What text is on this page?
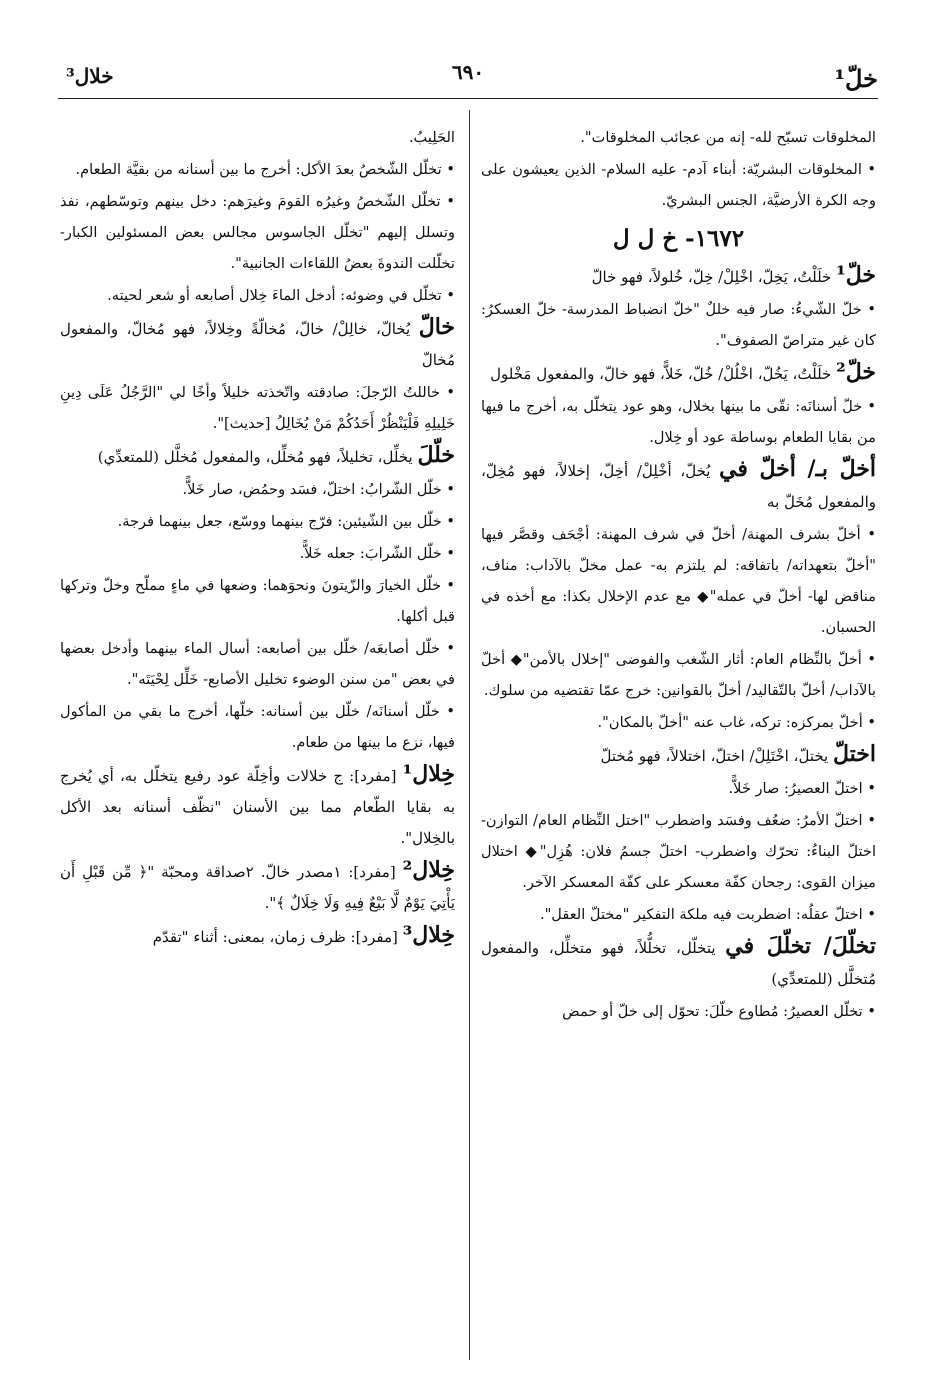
خلّ¹
٦٩٠
خلال³
المخلوقات تسبّح لله- إنه من عجائب المخلوقات".
• المخلوقات البشريّة: أبناء آدم- عليه السلام- الذين يعيشون على وجه الكرة الأرضيَّة، الجنس البشريّ.
١٦٧٢- خ ل ل
خلّ¹ خلَلْتُ، يَخِلّ، اخْلِلْ/ خِلّ، خُلولاً، فهو خالّ
• خلّ الشّيءُ: صار فيه خللٌ "خلّ انضباط المدرسة- خلّ العسكرُ: كان غير متراصّ الصفوف".
خلّ² خلَلْتُ، يَخُلّ، اخْلُلْ/ خُلّ، خَلاًّ، فهو خالّ، والمفعول مَخْلول
• خلّ أسنانَه: نقّى ما بينها بخلال، وهو عود يتخلّل به، أخرج ما فيها من بقايا الطعام بوساطة عود أو خِلال.
أخلّ بـ/ أخلّ في يُخلّ، أخْلِلْ/ أخِلّ، إخلالاً، فهو مُخِلّ، والمفعول مُخَلّ به
• أخلّ بشرف المهنة/ أخلّ في شرف المهنة: أجْحَف وقصَّر فيها "أخلّ بتعهداته/ باتفاقه: لم يلتزم به- عمل مخلّ بالآداب: مناف، مناقض لها- أخلّ في عمله"◆ مع عدم الإخلال بكذا: مع أخذه في الحسبان.
• أخلّ بالنِّظام العام: أثار الشّغب والفوضى "إخلال بالأمن"◆ أخلّ بالآداب/ أخلّ بالتّقاليد/ أخلّ بالقوانين: خرج عمّا تقتضيه من سلوك.
• أخلّ بمركزه: تركه، غاب عنه "أخلّ بالمكان".
اختلّ يختلّ، اخْتَلِلْ/ اختلّ، اختلالاً، فهو مُختلّ
• اختلّ العصيرُ: صار خَلاًّ.
• اختلّ الأمرُ: ضعُف وفسَد واضطرب "اختل النِّظام العام/ التوازن- اختلّ البناءُ: تحرّك واضطرب- اختلّ جسمُ فلان: هُزِل"◆ اختلال ميزان القوى: رجحان كفّة معسكر على كفّة المعسكر الآخر.
• اختلّ عقلُه: اضطربت فيه ملكة التفكير "مختلّ العقل".
تخلّلَ/ تخلّلَ في يتخلّل، تخلُّلاً، فهو متخلِّل، والمفعول مُتخلَّل (للمتعدِّي)
• تخلّل العصيرُ: مُطاوع خلّلَ: تحوّل إلى خلّ أو حمض
الحَلِيبُ.
• تخلّل الشّخصُ بعدَ الأكل: أخرج ما بين أسنانه من بقيَّة الطعام.
• تخلّل الشّخصُ وغيرُه القومَ وغيرَهم: دخل بينهم وتوسّطهم، نفذ وتسلل إليهم "تخلّل الجاسوس مجالس بعض المسئولين الكبار- تخلّلت الندوةَ بعضُ اللقاءات الجانبية".
• تخلّل في وضوئه: أدخل الماءَ خِلال أصابعه أو شعر لحيته.
خالّ يُخالّ، خالِلْ/ خالّ، مُخالّةً وخِلالاً، فهو مُخالّ، والمفعول مُخالّ
• خاللتُ الرّجلَ: صادقته واتّخذته خليلاً وأخًا لي "الرَّجُلُ عَلَى دِينِ خَلِيلِهِ فَلْيَنْظُرْ أَحَدُكُمْ مَنْ يُخَالِلُ [حديث]".
خلّلَ يخلِّل، تخليلاً، فهو مُخلِّل، والمفعول مُخلَّل (للمتعدِّي)
• خلّل الشّرابُ: اختلّ، فسَد وحمُض، صار خَلاًّ.
• خلّل بين الشّيئين: فرّج بينهما ووسّع، جعل بينهما فرجة.
• خلّل الشّرابَ: جعله خَلاًّ.
• خلّل الخيارَ والزّيتونَ ونحوَهما: وضعها في ماءٍ مملّح وخلّ وتركها قبل أكلها.
• خلّل أصابعَه/ خلّل بين أصابعه: أسال الماء بينهما وأدخل بعضها في بعض "من سنن الوضوء تخليل الأصابع- خَلِّل لِحْيَتَه".
• خلّل أسنانَه/ خلّل بين أسنانه: خلّها، أخرج ما بقي من المأكول فيها، نزع ما بينها من طعام.
خِلال¹ [مفرد]: ج خلالات وأخِلّة عود رفيع يتخلّل به، أي يُخرج به بقايا الطّعام مما بين الأسنان "نظّف أسنانه بعد الأكل بالخِلال".
خِلال² [مفرد]: ١مصدر خالّ. ٢صداقة ومحبّة "﴿ مِّن قَبْلِ أَن يَأْتِيَ يَوْمٌ لَّا بَيْعٌ فِيهِ وَلَا خِلَالٌ ﴾".
خِلال³ [مفرد]: ظرف زمان، بمعنى: أثناء "تقدّم
